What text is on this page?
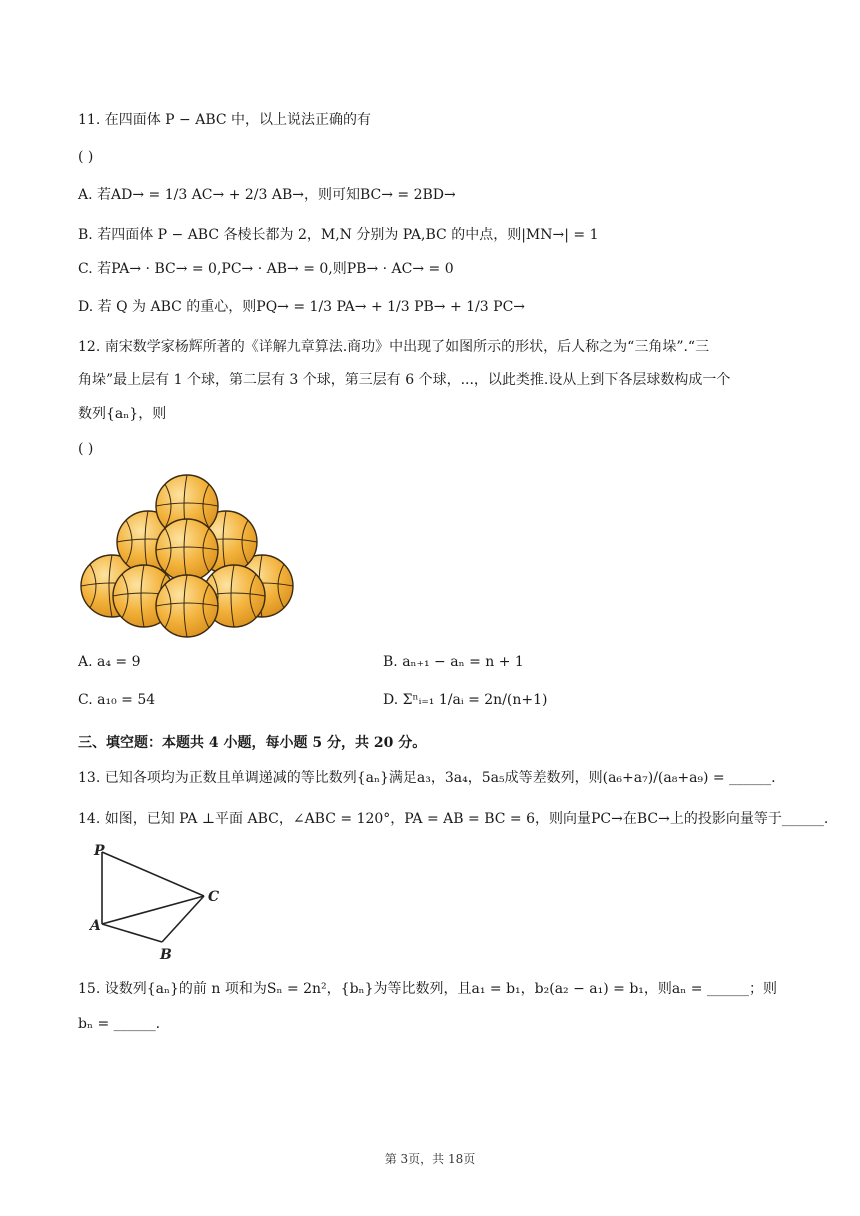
11. 在四面体 P − ABC 中，以上说法正确的有
( )
A. 若AD→ = 1/3 AC→ + 2/3 AB→，则可知BC→ = 2BD→
B. 若四面体 P − ABC 各棱长都为 2，M,N 分别为 PA,BC 的中点，则|MN→| = 1
C. 若PA→ · BC→ = 0,PC→ · AB→ = 0,则PB→ · AC→ = 0
D. 若 Q 为 ABC 的重心，则PQ→ = 1/3 PA→ + 1/3 PB→ + 1/3 PC→
12. 南宋数学家杨辉所著的《详解九章算法.商功》中出现了如图所示的形状，后人称之为“三角垛”.“三
角垛”最上层有 1 个球，第二层有 3 个球，第三层有 6 个球，...，以此类推.设从上到下各层球数构成一个
数列{aₙ}，则
( )
A. a₄ = 9	B. aₙ₊₁ − aₙ = n + 1
C. a₁₀ = 54	D. Σⁿᵢ₌₁ 1/aᵢ = 2n/(n+1)
三、填空题：本题共 4 小题，每小题 5 分，共 20 分。
13. 已知各项均为正数且单调递减的等比数列{aₙ}满足a₃，3a₄，5a₅成等差数列，则(a₆+a₇)/(a₈+a₉) = ______.
14. 如图，已知 PA ⊥平面 ABC，∠ABC = 120°，PA = AB = BC = 6，则向量PC→在BC→上的投影向量等于______.
P
A
B
C
15. 设数列{aₙ}的前 n 项和为Sₙ = 2n²，{bₙ}为等比数列，且a₁ = b₁，b₂(a₂ − a₁) = b₁，则aₙ = ______；则
bₙ = ______.
第 3页，共 18页
